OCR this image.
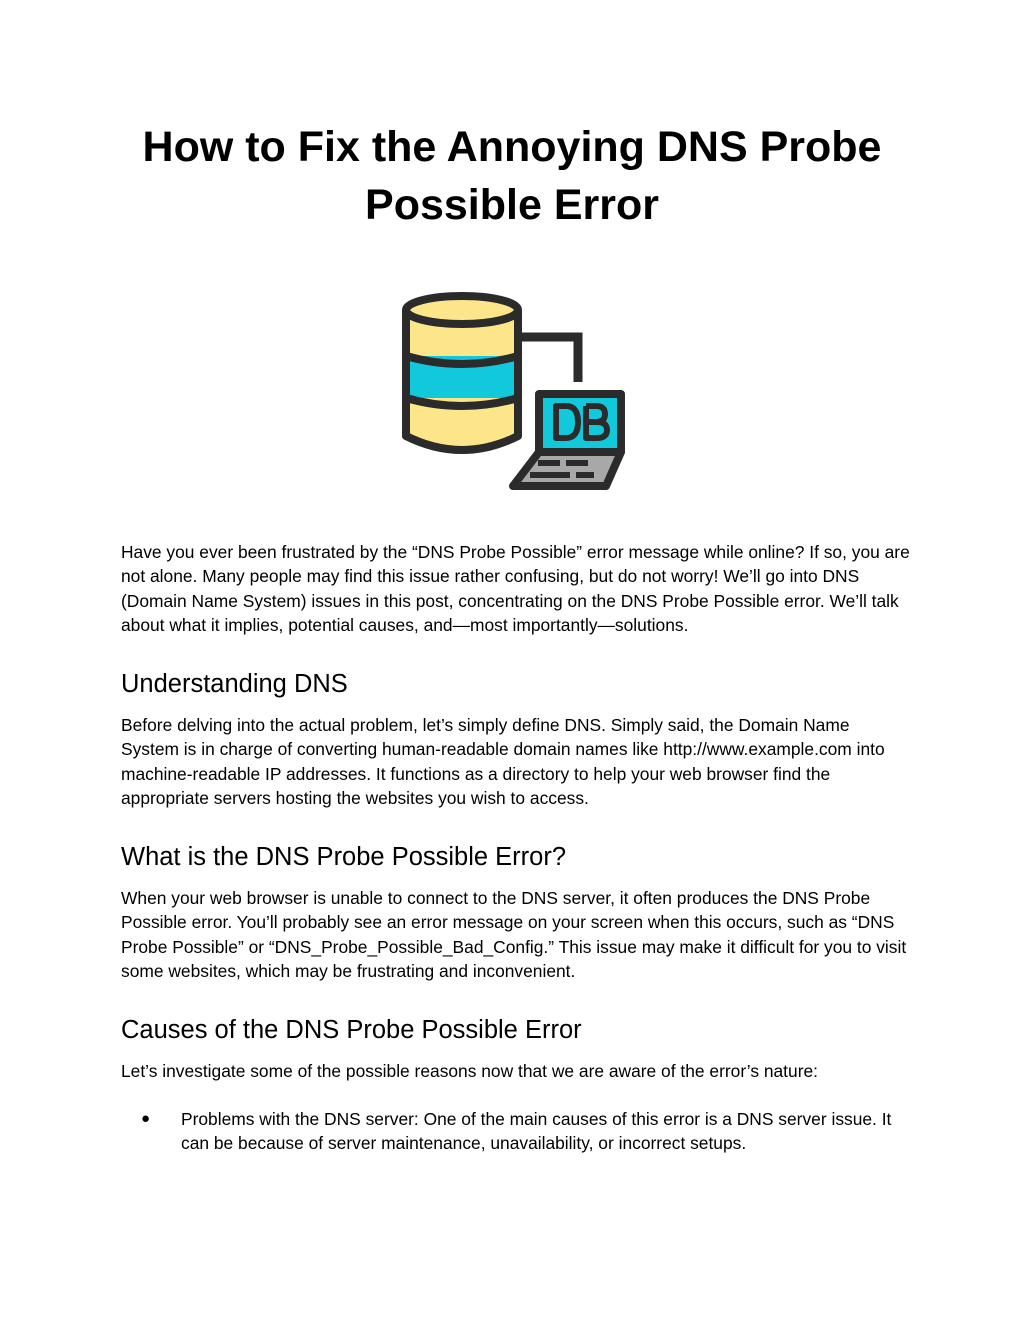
How to Fix the Annoying DNS Probe Possible Error

Have you ever been frustrated by the “DNS Probe Possible” error message while online? If so, you are not alone. Many people may find this issue rather confusing, but do not worry! We’ll go into DNS (Domain Name System) issues in this post, concentrating on the DNS Probe Possible error. We’ll talk about what it implies, potential causes, and—most importantly—solutions.

Understanding DNS

Before delving into the actual problem, let’s simply define DNS. Simply said, the Domain Name System is in charge of converting human-readable domain names like http://www.example.com into machine-readable IP addresses. It functions as a directory to help your web browser find the appropriate servers hosting the websites you wish to access.

What is the DNS Probe Possible Error?

When your web browser is unable to connect to the DNS server, it often produces the DNS Probe Possible error. You’ll probably see an error message on your screen when this occurs, such as “DNS Probe Possible” or “DNS_Probe_Possible_Bad_Config.” This issue may make it difficult for you to visit some websites, which may be frustrating and inconvenient.

Causes of the DNS Probe Possible Error

Let’s investigate some of the possible reasons now that we are aware of the error’s nature:

● Problems with the DNS server: One of the main causes of this error is a DNS server issue. It can be because of server maintenance, unavailability, or incorrect setups.
